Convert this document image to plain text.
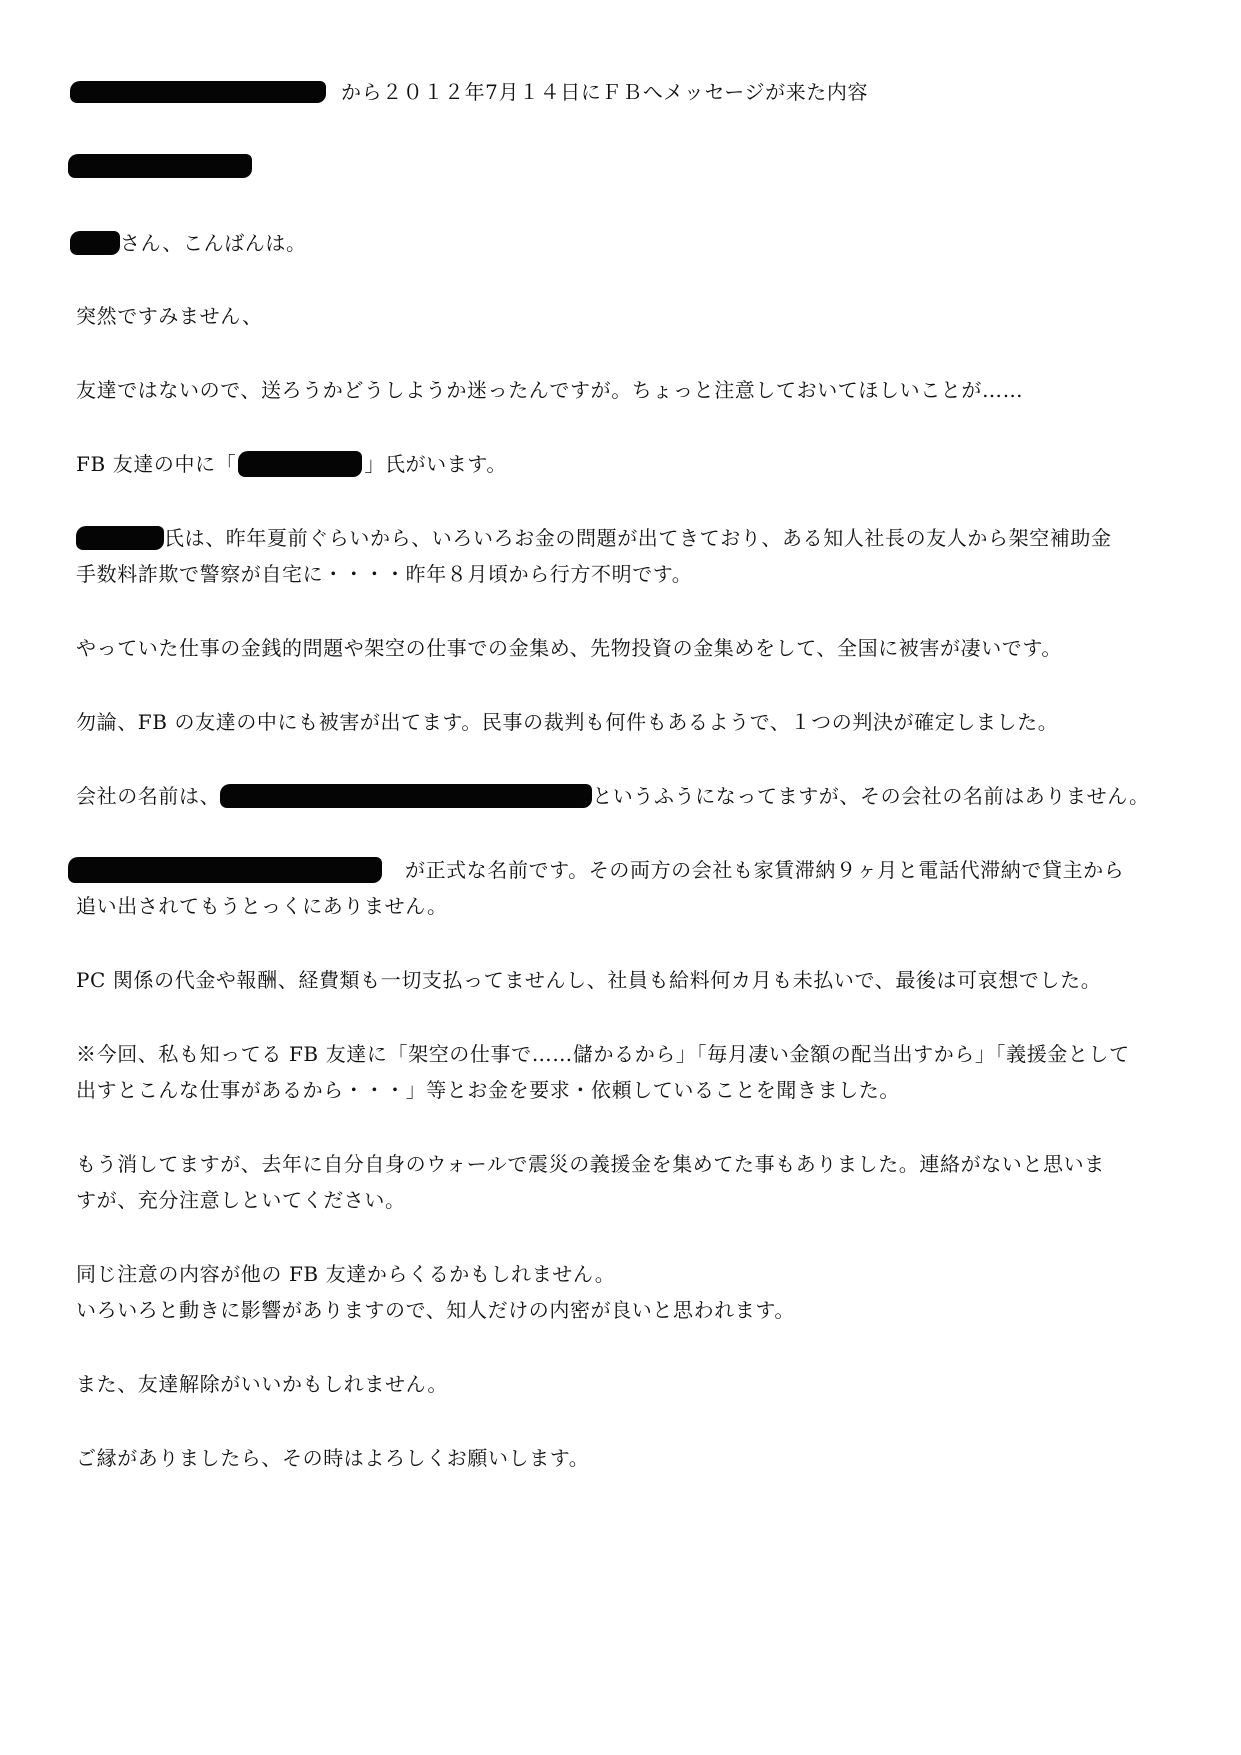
から２０１２年7月１４日にＦＢへメッセージが来た内容
さん、こんばんは。
突然ですみません、
友達ではないので、送ろうかどうしようか迷ったんですが。ちょっと注意しておいてほしいことが……
FB 友達の中に「	」氏がいます。
氏は、昨年夏前ぐらいから、いろいろお金の問題が出てきており、ある知人社長の友人から架空補助金
手数料詐欺で警察が自宅に・・・・昨年８月頃から行方不明です。
やっていた仕事の金銭的問題や架空の仕事での金集め、先物投資の金集めをして、全国に被害が凄いです。
勿論、FB の友達の中にも被害が出てます。民事の裁判も何件もあるようで、１つの判決が確定しました。
会社の名前は、	というふうになってますが、その会社の名前はありません。
が正式な名前です。その両方の会社も家賃滞納９ヶ月と電話代滞納で貸主から
追い出されてもうとっくにありません。
PC 関係の代金や報酬、経費類も一切支払ってませんし、社員も給料何カ月も未払いで、最後は可哀想でした。
※今回、私も知ってる FB 友達に「架空の仕事で……儲かるから」「毎月凄い金額の配当出すから」「義援金として
出すとこんな仕事があるから・・・」等とお金を要求・依頼していることを聞きました。
もう消してますが、去年に自分自身のウォールで震災の義援金を集めてた事もありました。連絡がないと思いま
すが、充分注意しといてください。
同じ注意の内容が他の FB 友達からくるかもしれません。
いろいろと動きに影響がありますので、知人だけの内密が良いと思われます。
また、友達解除がいいかもしれません。
ご縁がありましたら、その時はよろしくお願いします。
